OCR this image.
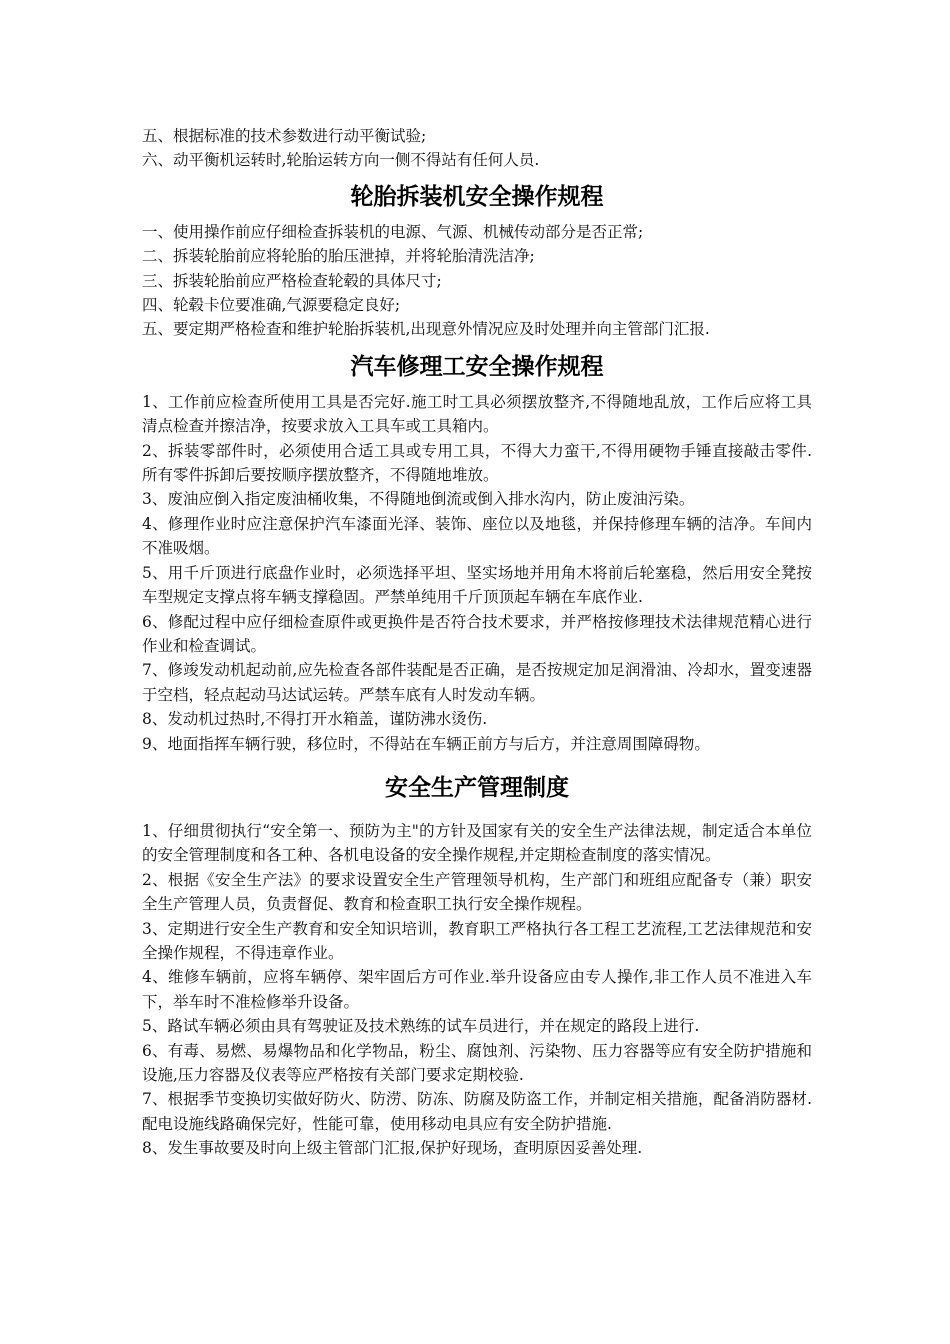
五、根据标准的技术参数进行动平衡试验;

六、动平衡机运转时,轮胎运转方向一侧不得站有任何人员.

轮胎拆装机安全操作规程

一、使用操作前应仔细检查拆装机的电源、气源、机械传动部分是否正常;

二、拆装轮胎前应将轮胎的胎压泄掉，并将轮胎清洗洁净;

三、拆装轮胎前应严格检查轮毂的具体尺寸;

四、轮毂卡位要准确,气源要稳定良好;

五、要定期严格检查和维护轮胎拆装机,出现意外情况应及时处理并向主管部门汇报.

汽车修理工安全操作规程

1、工作前应检查所使用工具是否完好.施工时工具必须摆放整齐,不得随地乱放，工作后应将工具清点检查并擦洁净，按要求放入工具车或工具箱内。

2、拆装零部件时，必须使用合适工具或专用工具，不得大力蛮干,不得用硬物手锤直接敲击零件.所有零件拆卸后要按顺序摆放整齐，不得随地堆放。

3、废油应倒入指定废油桶收集，不得随地倒流或倒入排水沟内，防止废油污染。

4、修理作业时应注意保护汽车漆面光泽、装饰、座位以及地毯，并保持修理车辆的洁净。车间内不准吸烟。

5、用千斤顶进行底盘作业时，必须选择平坦、坚实场地并用角木将前后轮塞稳，然后用安全凳按车型规定支撑点将车辆支撑稳固。严禁单纯用千斤顶顶起车辆在车底作业.

6、修配过程中应仔细检查原件或更换件是否符合技术要求，并严格按修理技术法律规范精心进行作业和检查调试。

7、修竣发动机起动前,应先检查各部件装配是否正确，是否按规定加足润滑油、冷却水，置变速器于空档，轻点起动马达试运转。严禁车底有人时发动车辆。

8、发动机过热时,不得打开水箱盖，谨防沸水烫伤.

9、地面指挥车辆行驶，移位时，不得站在车辆正前方与后方，并注意周围障碍物。

安全生产管理制度

1、仔细贯彻执行“安全第一、预防为主"的方针及国家有关的安全生产法律法规，制定适合本单位的安全管理制度和各工种、各机电设备的安全操作规程,并定期检查制度的落实情况。

2、根据《安全生产法》的要求设置安全生产管理领导机构，生产部门和班组应配备专（兼）职安全生产管理人员，负责督促、教育和检查职工执行安全操作规程。

3、定期进行安全生产教育和安全知识培训，教育职工严格执行各工程工艺流程,工艺法律规范和安全操作规程，不得违章作业。

4、维修车辆前，应将车辆停、架牢固后方可作业.举升设备应由专人操作,非工作人员不准进入车下，举车时不准检修举升设备。

5、路试车辆必须由具有驾驶证及技术熟练的试车员进行，并在规定的路段上进行.

6、有毒、易燃、易爆物品和化学物品，粉尘、腐蚀剂、污染物、压力容器等应有安全防护措施和设施,压力容器及仪表等应严格按有关部门要求定期校验.

7、根据季节变换切实做好防火、防涝、防冻、防腐及防盗工作，并制定相关措施，配备消防器材.配电设施线路确保完好，性能可靠，使用移动电具应有安全防护措施.

8、发生事故要及时向上级主管部门汇报,保护好现场，查明原因妥善处理.
